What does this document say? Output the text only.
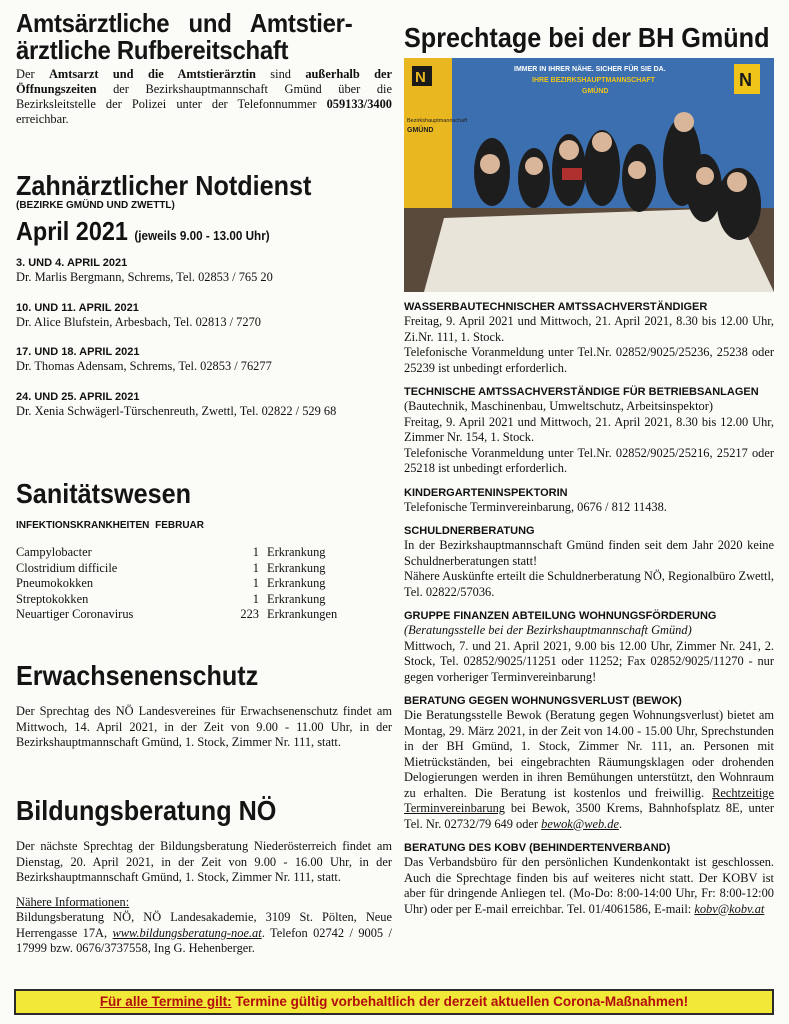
Amtsärztliche und Amtstier-
ärztliche Rufbereitschaft

Der Amtsarzt und die Amtstierärztin sind außerhalb der Öffnungszeiten der Bezirkshauptmannschaft Gmünd über die Bezirksleitstelle der Polizei unter der Telefonnummer 059133/3400 erreichbar.

Zahnärztlicher Notdienst
(BEZIRKE GMÜND UND ZWETTL)
April 2021 (jeweils 9.00 - 13.00 Uhr)
3. UND 4. APRIL 2021

Dr. Marlis Bergmann, Schrems, Tel. 02853 / 765 20

10. UND 11. APRIL 2021

Dr. Alice Blufstein, Arbesbach, Tel. 02813 / 7270

17. UND 18. APRIL 2021

Dr. Thomas Adensam, Schrems, Tel. 02853 / 76277

24. UND 25. APRIL 2021

Dr. Xenia Schwägerl-Türschenreuth, Zwettl, Tel. 02822 / 529 68

Sanitätswesen
INFEKTIONSKRANKHEITEN FEBRUAR
Campylobacter	1	Erkrankung
Clostridium difficile	1	Erkrankung
Pneumokokken	1	Erkrankung
Streptokokken	1	Erkrankung
Neuartiger Coronavirus	223	Erkrankungen
Erwachsenenschutz

Der Sprechtag des NÖ Landesvereines für Erwachsenenschutz findet am Mittwoch, 14. April 2021, in der Zeit von 9.00 - 11.00 Uhr, in der Bezirkshauptmannschaft Gmünd, 1. Stock, Zimmer Nr. 111, statt.

Bildungsberatung NÖ

Der nächste Sprechtag der Bildungsberatung Niederösterreich findet am Dienstag, 20. April 2021, in der Zeit von 9.00 - 16.00 Uhr, in der Bezirkshauptmannschaft Gmünd, 1. Stock, Zimmer Nr. 111, statt.

Nähere Informationen:
Bildungsberatung NÖ, NÖ Landesakademie, 3109 St. Pölten, Neue Herrengasse 17A, www.bildungsberatung-noe.at. Telefon 02742 / 9005 / 17999 bzw. 0676/3737558, Ing G. Hehenberger.

Sprechtage bei der BH Gmünd
N
Bezirkshauptmannschaft
GMÜND
IMMER IN IHRER NÄHE. SICHER FÜR SIE DA.
IHRE BEZIRKSHAUPTMANNSCHAFT
GMÜND
N
WASSERBAUTECHNISCHER AMTSSACHVERSTÄNDIGER

Freitag, 9. April 2021 und Mittwoch, 21. April 2021, 8.30 bis 12.00 Uhr, Zi.Nr. 111, 1. Stock.
Telefonische Voranmeldung unter Tel.Nr. 02852/9025/25236, 25238 oder 25239 ist unbedingt erforderlich.

TECHNISCHE AMTSSACHVERSTÄNDIGE FÜR BETRIEBSANLAGEN

(Bautechnik, Maschinenbau, Umweltschutz, Arbeitsinspektor)
Freitag, 9. April 2021 und Mittwoch, 21. April 2021, 8.30 bis 12.00 Uhr, Zimmer Nr. 154, 1. Stock.
Telefonische Voranmeldung unter Tel.Nr. 02852/9025/25216, 25217 oder 25218 ist unbedingt erforderlich.

KINDERGARTENINSPEKTORIN

Telefonische Terminvereinbarung, 0676 / 812 11438.

SCHULDNERBERATUNG

In der Bezirkshauptmannschaft Gmünd finden seit dem Jahr 2020 keine Schuldnerberatungen statt!
Nähere Auskünfte erteilt die Schuldnerberatung NÖ, Regionalbüro Zwettl, Tel. 02822/57036.

GRUPPE FINANZEN ABTEILUNG WOHNUNGSFÖRDERUNG

(Beratungsstelle bei der Bezirkshauptmannschaft Gmünd)

Mittwoch, 7. und 21. April 2021, 9.00 bis 12.00 Uhr, Zimmer Nr. 241, 2. Stock, Tel. 02852/9025/11251 oder 11252; Fax 02852/9025/11270 - nur gegen vorheriger Terminvereinbarung!

BERATUNG GEGEN WOHNUNGSVERLUST (BEWOK)

Die Beratungsstelle Bewok (Beratung gegen Wohnungsverlust) bietet am Montag, 29. März 2021, in der Zeit von 14.00 - 15.00 Uhr, Sprechstunden in der BH Gmünd, 1. Stock, Zimmer Nr. 111, an. Personen mit Mietrückständen, bei eingebrachten Räumungsklagen oder drohenden Delogierungen werden in ihren Bemühungen unterstützt, den Wohnraum zu erhalten. Die Beratung ist kostenlos und freiwillig. Rechtzeitige Terminvereinbarung bei Bewok, 3500 Krems, Bahnhofsplatz 8E, unter Tel. Nr. 02732/79 649 oder bewok@web.de.

BERATUNG DES KOBV (BEHINDERTENVERBAND)

Das Verbandsbüro für den persönlichen Kundenkontakt ist geschlossen. Auch die Sprechtage finden bis auf weiteres nicht statt. Der KOBV ist aber für dringende Anliegen tel. (Mo-Do: 8:00-14:00 Uhr, Fr: 8:00-12:00 Uhr) oder per E-mail erreichbar. Tel. 01/4061586, E-mail: kobv@kobv.at

Für alle Termine gilt: Termine gültig vorbehaltlich der derzeit aktuellen Corona-Maßnahmen!
